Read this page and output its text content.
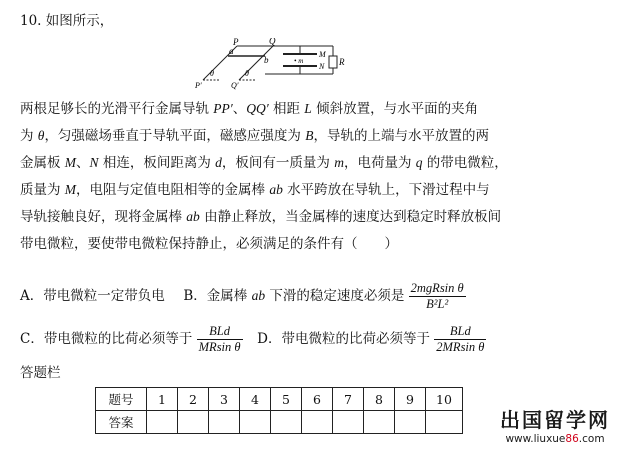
10. 如图所示，
P	Q
a
b
θ	θ
P′	Q′
M
N R
• m
两根足够长的光滑平行金属导轨 PP′、QQ′ 相距 L 倾斜放置，与水平面的夹角
为 θ，匀强磁场垂直于导轨平面，磁感应强度为 B，导轨的上端与水平放置的两
金属板 M、N 相连，板间距离为 d，板间有一质量为 m，电荷量为 q 的带电微粒，
质量为 M，电阻与定值电阻相等的金属棒 ab 水平跨放在导轨上，下滑过程中与
导轨接触良好，现将金属棒 ab 由静止释放，当金属棒的速度达到稳定时释放板间
带电微粒，要使带电微粒保持静止，必须满足的条件有（　　）
A．带电微粒一定带负电 B．金属棒 ab 下滑的稳定速度必须是 $\frac{\text{2mgRsin θ}}{\text{B²L²}}$
C．带电微粒的比荷必须等于 $\frac{\text{BLd}}{\text{MRsin θ}}$ D．带电微粒的比荷必须等于 $\frac{\text{BLd}}{\text{2MRsin θ}}$
答题栏
题号	1	2	3	4	5	6	7	8	9	10
答案											出国留学网
www.liuxue86.com
